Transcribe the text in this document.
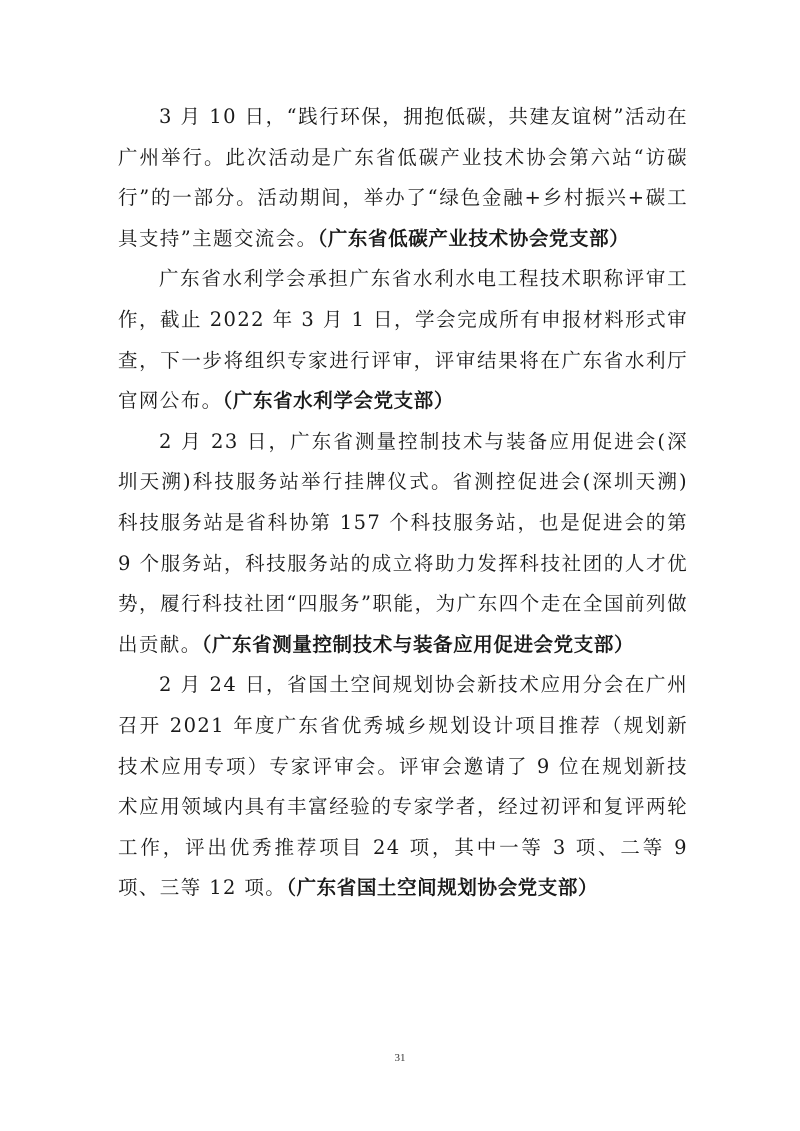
3 月 10 日，“践行环保，拥抱低碳，共建友谊树”活动在广州举行。此次活动是广东省低碳产业技术协会第六站“访碳行”的一部分。活动期间，举办了“绿色金融+乡村振兴+碳工具支持”主题交流会。（广东省低碳产业技术协会党支部）

广东省水利学会承担广东省水利水电工程技术职称评审工作，截止 2022 年 3 月 1 日，学会完成所有申报材料形式审查，下一步将组织专家进行评审，评审结果将在广东省水利厅官网公布。（广东省水利学会党支部）

2 月 23 日，广东省测量控制技术与装备应用促进会(深圳天溯)科技服务站举行挂牌仪式。省测控促进会(深圳天溯)科技服务站是省科协第 157 个科技服务站，也是促进会的第 9 个服务站，科技服务站的成立将助力发挥科技社团的人才优势，履行科技社团“四服务”职能，为广东四个走在全国前列做出贡献。（广东省测量控制技术与装备应用促进会党支部）

2 月 24 日，省国土空间规划协会新技术应用分会在广州召开 2021 年度广东省优秀城乡规划设计项目推荐（规划新技术应用专项）专家评审会。评审会邀请了 9 位在规划新技术应用领域内具有丰富经验的专家学者，经过初评和复评两轮工作，评出优秀推荐项目 24 项，其中一等 3 项、二等 9 项、三等 12 项。（广东省国土空间规划协会党支部）

31
